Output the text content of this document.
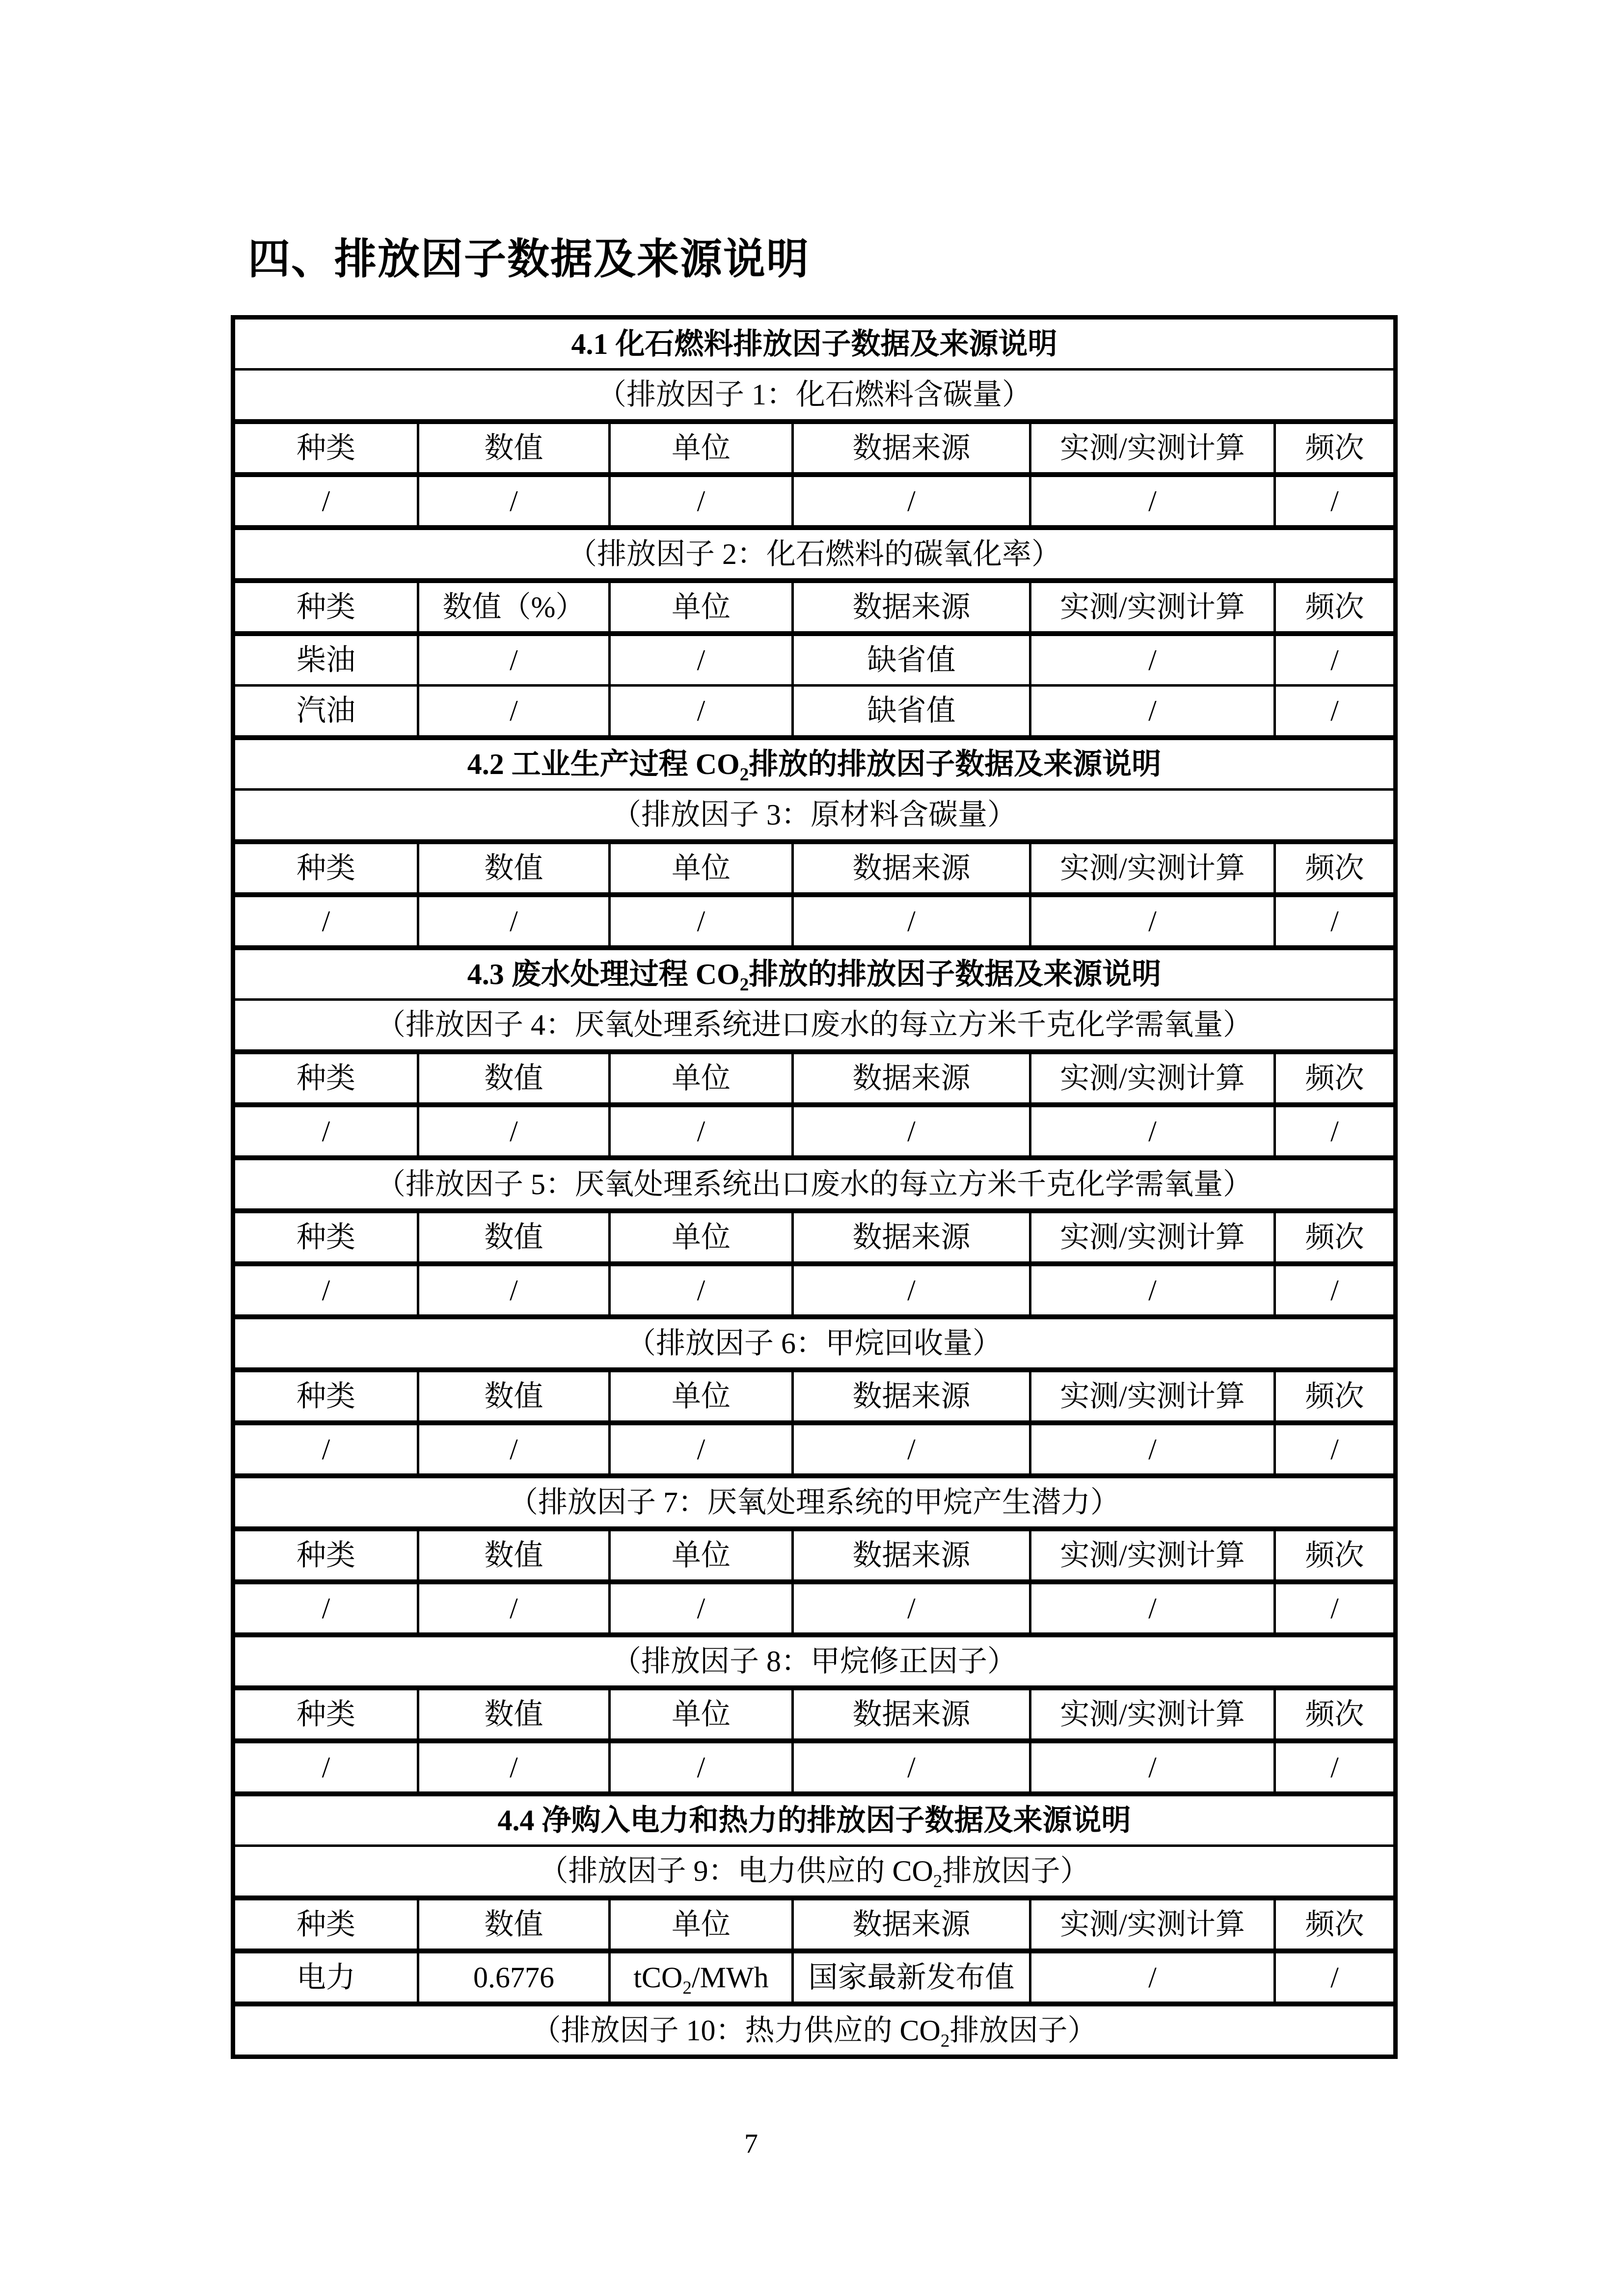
四、排放因子数据及来源说明
4.1 化石燃料排放因子数据及来源说明					
（排放因子 1：化石燃料含碳量）					
种类	数值	单位	数据来源	实测/实测计算	频次
/	/	/	/	/	/
（排放因子 2：化石燃料的碳氧化率）					
种类	数值（%）	单位	数据来源	实测/实测计算	频次
柴油	/	/	缺省值	/	/
汽油	/	/	缺省值	/	/
4.2 工业生产过程 $CO_2$排放的排放因子数据及来源说明					
（排放因子 3：原材料含碳量）					
种类	数值	单位	数据来源	实测/实测计算	频次
/	/	/	/	/	/
4.3 废水处理过程 $CO_2$排放的排放因子数据及来源说明					
（排放因子 4：厌氧处理系统进口废水的每立方米千克化学需氧量）					
种类	数值	单位	数据来源	实测/实测计算	频次
/	/	/	/	/	/
（排放因子 5：厌氧处理系统出口废水的每立方米千克化学需氧量）					
种类	数值	单位	数据来源	实测/实测计算	频次
/	/	/	/	/	/
（排放因子 6：甲烷回收量）					
种类	数值	单位	数据来源	实测/实测计算	频次
/	/	/	/	/	/
（排放因子 7：厌氧处理系统的甲烷产生潜力）					
种类	数值	单位	数据来源	实测/实测计算	频次
/	/	/	/	/	/
（排放因子 8：甲烷修正因子）					
种类	数值	单位	数据来源	实测/实测计算	频次
/	/	/	/	/	/
4.4 净购入电力和热力的排放因子数据及来源说明					
（排放因子 9：电力供应的 $CO_2$排放因子）					
种类	数值	单位	数据来源	实测/实测计算	频次
电力	0.6776	tCO$_2$/MWh	国家最新发布值	/	/
（排放因子 10：热力供应的 $CO_2$排放因子）					
7
